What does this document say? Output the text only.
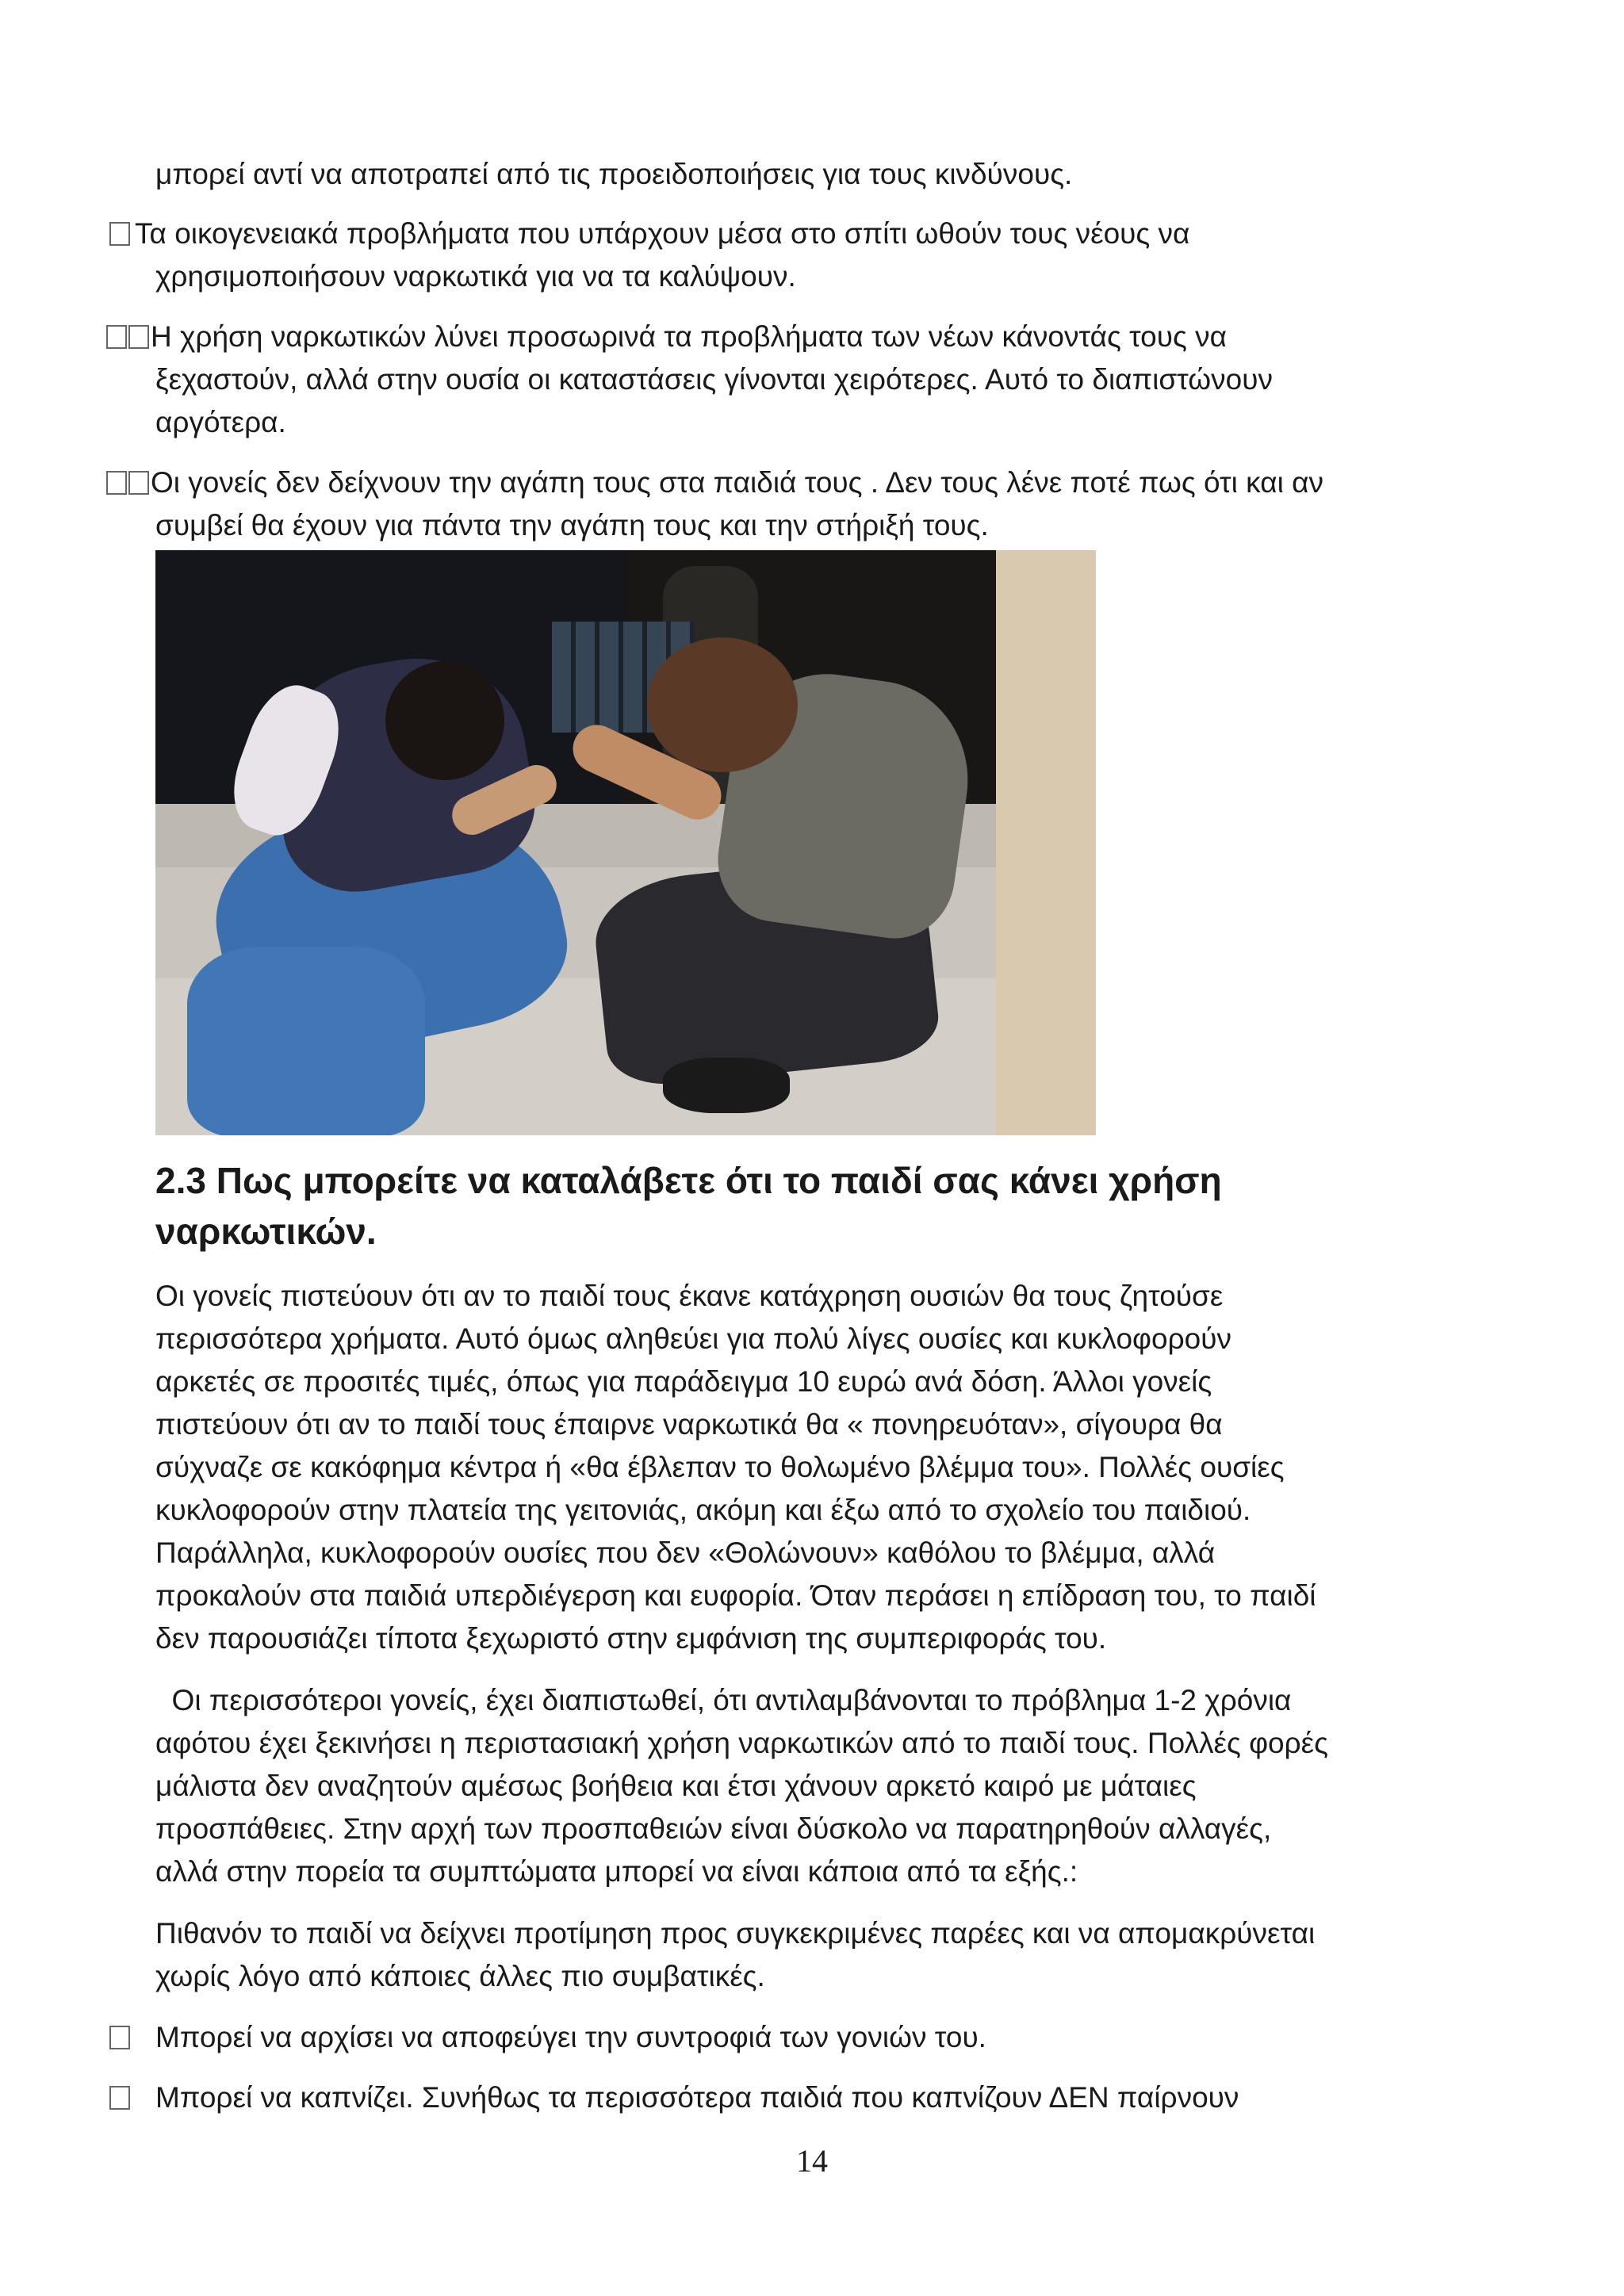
μπορεί αντί να αποτραπεί από τις προειδοποιήσεις για τους κινδύνους.
Τα οικογενειακά προβλήματα που υπάρχουν μέσα στο σπίτι ωθούν τους νέους να
χρησιμοποιήσουν ναρκωτικά για να τα καλύψουν.
Η χρήση ναρκωτικών λύνει προσωρινά τα προβλήματα των νέων κάνοντάς τους να
ξεχαστούν, αλλά στην ουσία οι καταστάσεις γίνονται χειρότερες. Αυτό το διαπιστώνουν
αργότερα.
Οι γονείς δεν δείχνουν την αγάπη τους στα παιδιά τους . Δεν τους λένε ποτέ πως ότι και αν
συμβεί θα έχουν για πάντα την αγάπη τους και την στήριξή τους.
2.3 Πως μπορείτε να καταλάβετε ότι το παιδί σας κάνει χρήση
ναρκωτικών.
Οι γονείς πιστεύουν ότι αν το παιδί τους έκανε κατάχρηση ουσιών θα τους ζητούσε
περισσότερα χρήματα. Αυτό όμως αληθεύει για πολύ λίγες ουσίες και κυκλοφορούν
αρκετές σε προσιτές τιμές, όπως για παράδειγμα 10 ευρώ ανά δόση. Άλλοι γονείς
πιστεύουν ότι αν το παιδί τους έπαιρνε ναρκωτικά θα « πονηρευόταν», σίγουρα θα
σύχναζε σε κακόφημα κέντρα ή «θα έβλεπαν το θολωμένο βλέμμα του». Πολλές ουσίες
κυκλοφορούν στην πλατεία της γειτονιάς, ακόμη και έξω από το σχολείο του παιδιού.
Παράλληλα, κυκλοφορούν ουσίες που δεν «Θολώνουν» καθόλου το βλέμμα, αλλά
προκαλούν στα παιδιά υπερδιέγερση και ευφορία. Όταν περάσει η επίδραση του, το παιδί
δεν παρουσιάζει τίποτα ξεχωριστό στην εμφάνιση της συμπεριφοράς του.
Οι περισσότεροι γονείς, έχει διαπιστωθεί, ότι αντιλαμβάνονται το πρόβλημα 1-2 χρόνια
αφότου έχει ξεκινήσει η περιστασιακή χρήση ναρκωτικών από το παιδί τους. Πολλές φορές
μάλιστα δεν αναζητούν αμέσως βοήθεια και έτσι χάνουν αρκετό καιρό με μάταιες
προσπάθειες. Στην αρχή των προσπαθειών είναι δύσκολο να παρατηρηθούν αλλαγές,
αλλά στην πορεία τα συμπτώματα μπορεί να είναι κάποια από τα εξής.:
Πιθανόν το παιδί να δείχνει προτίμηση προς συγκεκριμένες παρέες και να απομακρύνεται
χωρίς λόγο από κάποιες άλλες πιο συμβατικές.
Μπορεί να αρχίσει να αποφεύγει την συντροφιά των γονιών του.
Μπορεί να καπνίζει. Συνήθως τα περισσότερα παιδιά που καπνίζουν ΔΕΝ παίρνουν
14
